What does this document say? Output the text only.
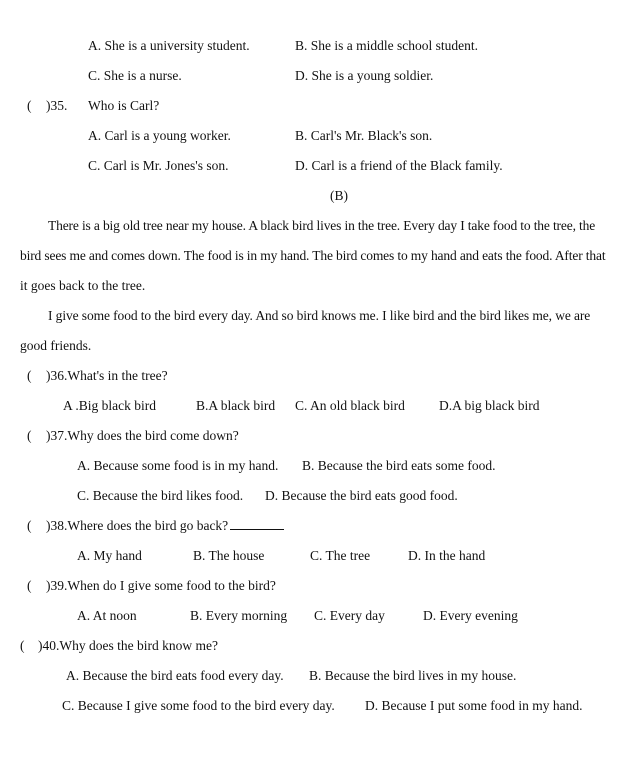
A. She is a university student.	B. She is a middle school student.
C. She is a nurse.	D. She is a young soldier.
( )35. Who is Carl?
A. Carl is a young worker.	B. Carl's Mr. Black's son.
C. Carl is Mr. Jones's son.	D. Carl is a friend of the Black family.
(B)
There is a big old tree near my house. A black bird lives in the tree. Every day I take food to the tree, the
bird sees me and comes down. The food is in my hand. The bird comes to my hand and eats the food. After that
it goes back to the tree.
I give some food to the bird every day. And so bird knows me. I like bird and the bird likes me, we are
good friends.
( )36.What's in the tree?
A .Big black bird	B.A black bird C. An old black bird	D.A big black bird
( )37.Why does the bird come down?
A. Because some food is in my hand. B. Because the bird eats some food.
C. Because the bird likes food. D. Because the bird eats good food.
( )38.Where does the bird go back?
A. My hand	B. The house	C. The tree	D. In the hand
( )39.When do I give some food to the bird?
A. At noon	B. Every morning C. Every day	D. Every evening
( )40.Why does the bird know me?
A. Because the bird eats food every day. B. Because the bird lives in my house.
C. Because I give some food to the bird every day. D. Because I put some food in my hand.
